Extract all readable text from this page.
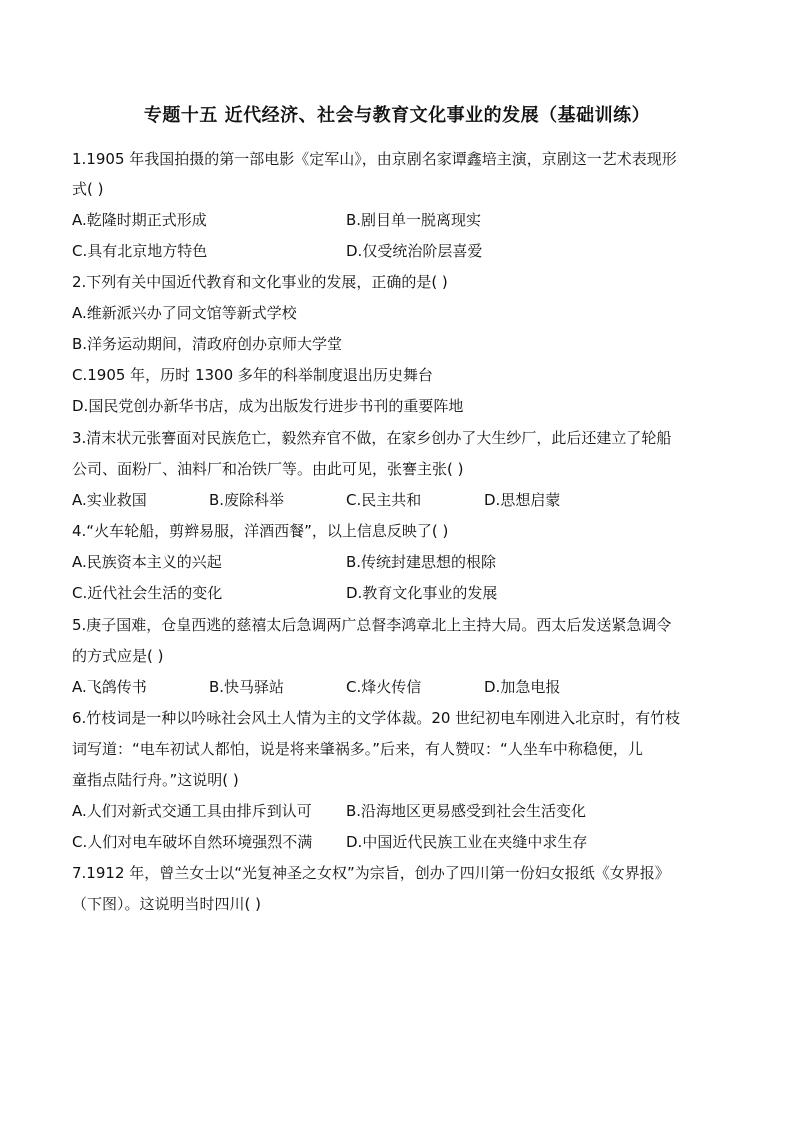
专题十五 近代经济、社会与教育文化事业的发展（基础训练）
1.1905 年我国拍摄的第一部电影《定军山》，由京剧名家谭鑫培主演，京剧这一艺术表现形
式( )
A.乾隆时期正式形成	B.剧目单一脱离现实
C.具有北京地方特色	D.仅受统治阶层喜爱
2.下列有关中国近代教育和文化事业的发展，正确的是( )
A.维新派兴办了同文馆等新式学校
B.洋务运动期间，清政府创办京师大学堂
C.1905 年，历时 1300 多年的科举制度退出历史舞台
D.国民党创办新华书店，成为出版发行进步书刊的重要阵地
3.清末状元张謇面对民族危亡，毅然弃官不做，在家乡创办了大生纱厂，此后还建立了轮船
公司、面粉厂、油料厂和冶铁厂等。由此可见，张謇主张( )
A.实业救国	B.废除科举	C.民主共和	D.思想启蒙
4.“火车轮船，剪辫易服，洋酒西餐”，以上信息反映了( )
A.民族资本主义的兴起	B.传统封建思想的根除
C.近代社会生活的变化	D.教育文化事业的发展
5.庚子国难，仓皇西逃的慈禧太后急调两广总督李鸿章北上主持大局。西太后发送紧急调令
的方式应是( )
A.飞鸽传书	B.快马驿站	C.烽火传信	D.加急电报
6.竹枝词是一种以吟咏社会风土人情为主的文学体裁。20 世纪初电车刚进入北京时，有竹枝
词写道：“电车初试人都怕，说是将来肇祸多。”后来，有人赞叹：“人坐车中称稳便，儿
童指点陆行舟。”这说明( )
A.人们对新式交通工具由排斥到认可 B.沿海地区更易感受到社会生活变化
C.人们对电车破坏自然环境强烈不满 D.中国近代民族工业在夹缝中求生存
7.1912 年，曾兰女士以“光复神圣之女权”为宗旨，创办了四川第一份妇女报纸《女界报》
（下图）。这说明当时四川( )
